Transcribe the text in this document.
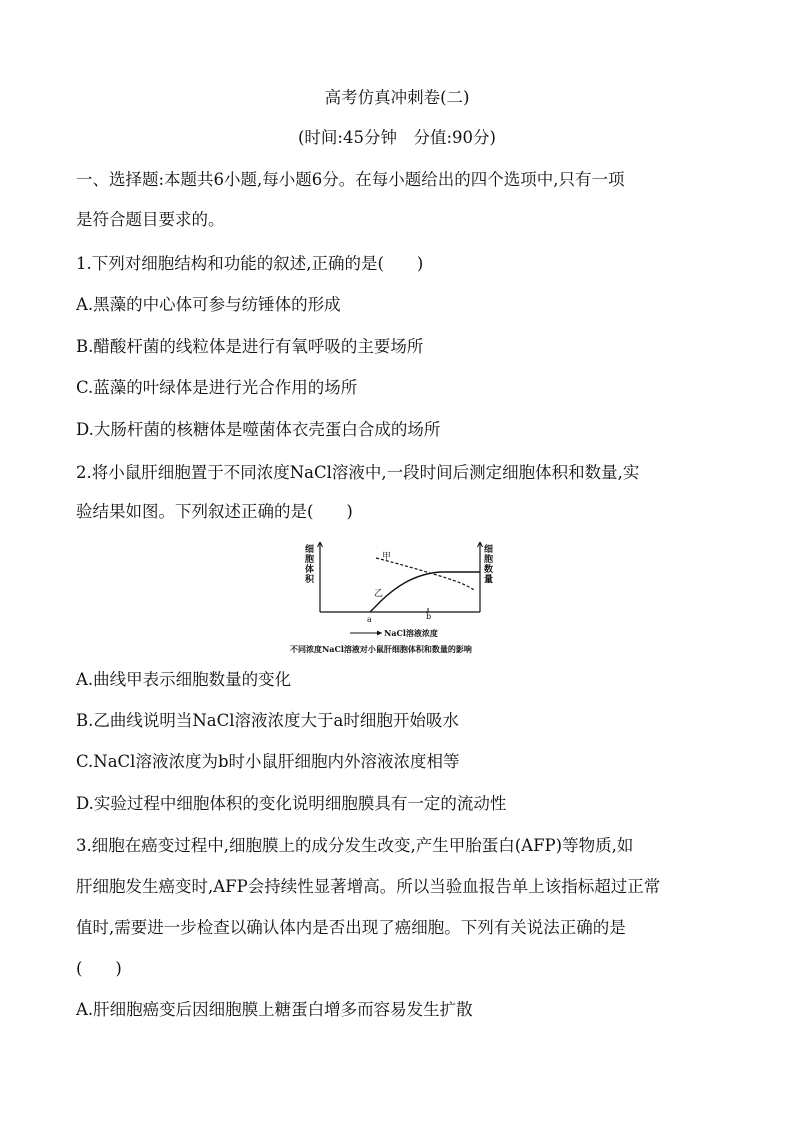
高考仿真冲刺卷(二)
(时间:45分钟　分值:90分)
一、选择题:本题共6小题,每小题6分。在每小题给出的四个选项中,只有一项
是符合题目要求的。
1.下列对细胞结构和功能的叙述,正确的是(　　)
A.黑藻的中心体可参与纺锤体的形成
B.醋酸杆菌的线粒体是进行有氧呼吸的主要场所
C.蓝藻的叶绿体是进行光合作用的场所
D.大肠杆菌的核糖体是噬菌体衣壳蛋白合成的场所
2.将小鼠肝细胞置于不同浓度NaCl溶液中,一段时间后测定细胞体积和数量,实
验结果如图。下列叙述正确的是(　　)
细胞体积
细胞数量
甲
乙
a	b
NaCl溶液浓度
不同浓度NaCl溶液对小鼠肝细胞体积和数量的影响
A.曲线甲表示细胞数量的变化
B.乙曲线说明当NaCl溶液浓度大于a时细胞开始吸水
C.NaCl溶液浓度为b时小鼠肝细胞内外溶液浓度相等
D.实验过程中细胞体积的变化说明细胞膜具有一定的流动性
3.细胞在癌变过程中,细胞膜上的成分发生改变,产生甲胎蛋白(AFP)等物质,如
肝细胞发生癌变时,AFP会持续性显著增高。所以当验血报告单上该指标超过正常
值时,需要进一步检查以确认体内是否出现了癌细胞。下列有关说法正确的是
(　　)
A.肝细胞癌变后因细胞膜上糖蛋白增多而容易发生扩散
